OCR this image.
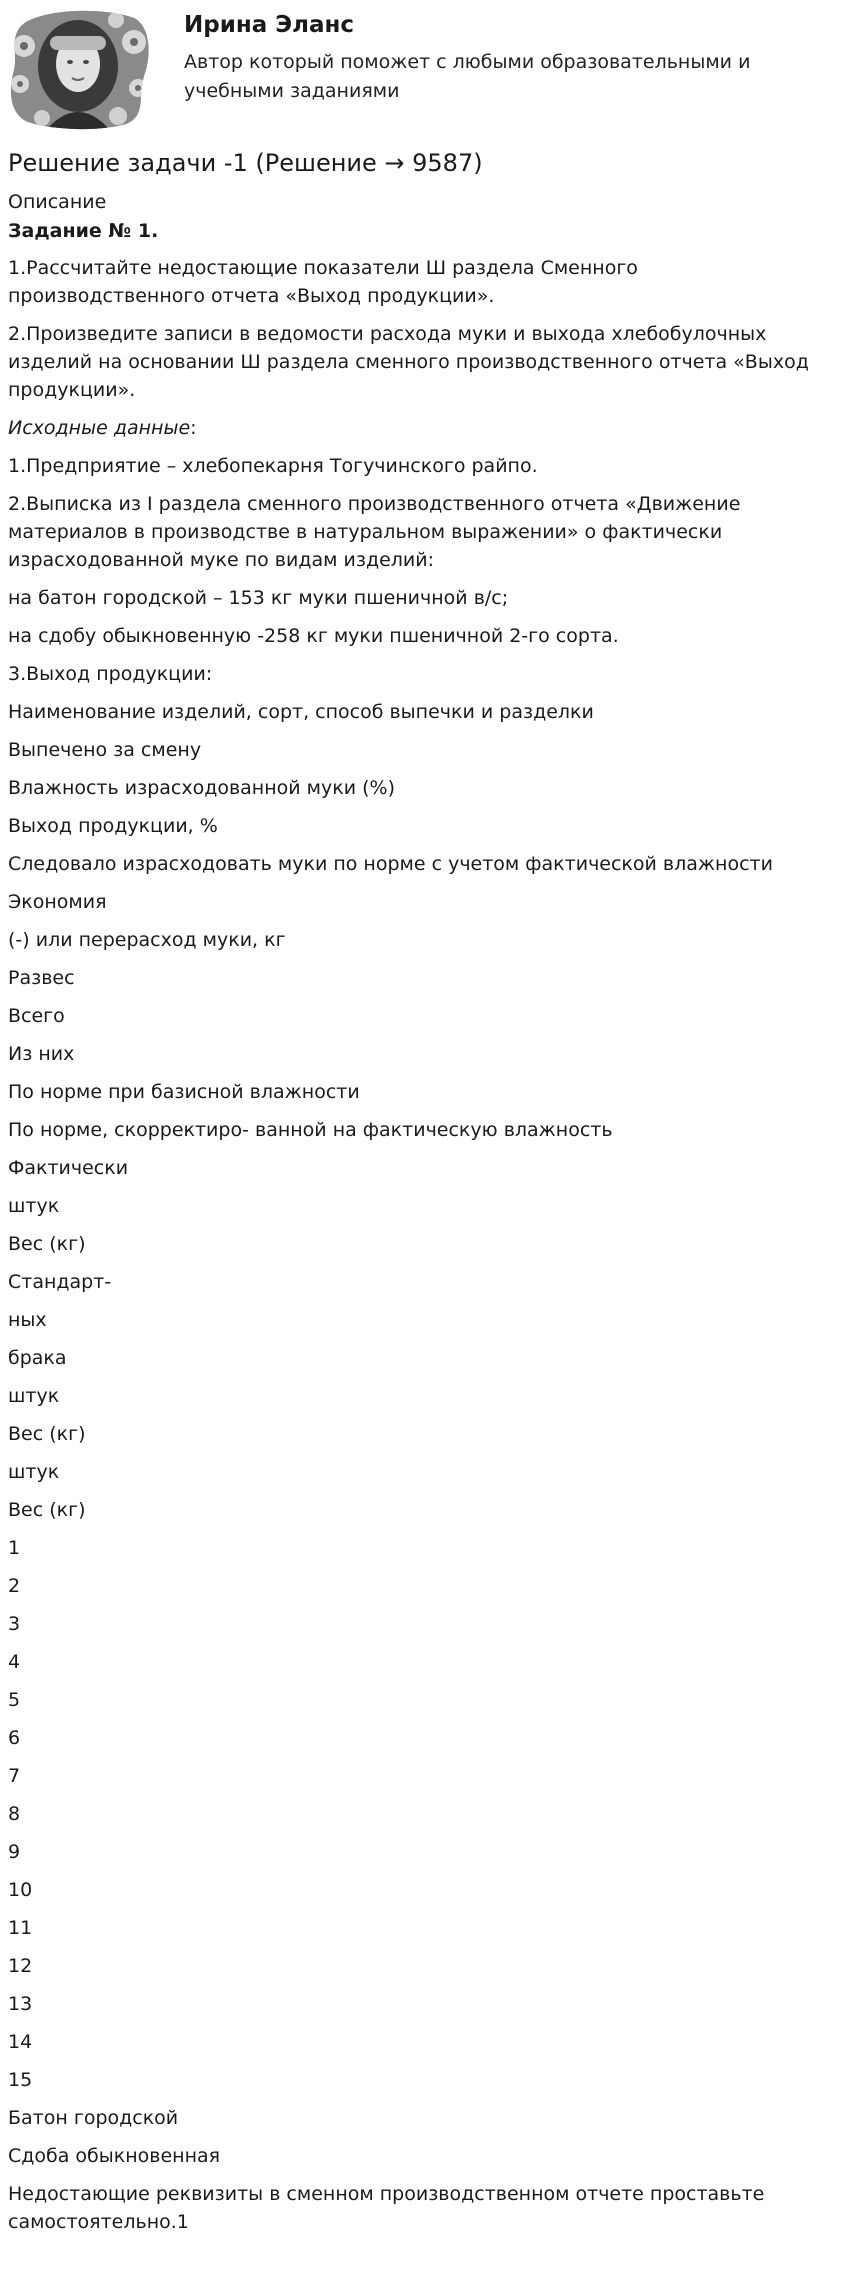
Ирина Эланс
Автор который поможет с любыми образовательными и учебными заданиями
Решение задачи -1 (Решение → 9587)
Описание
Задание № 1.

1.Рассчитайте недостающие показатели Ш раздела Сменного производственного отчета «Выход продукции».

2.Произведите записи в ведомости расхода муки и выхода хлебобулочных изделий на основании Ш раздела сменного производственного отчета «Выход продукции».

Исходные данные:

1.Предприятие – хлебопекарня Тогучинского райпо.

2.Выписка из I раздела сменного производственного отчета «Движение материалов в производстве в натуральном выражении» о фактически израсходованной муке по видам изделий:

на батон городской – 153 кг муки пшеничной в/с;

на сдобу обыкновенную -258 кг муки пшеничной 2-го сорта.

3.Выход продукции:

Наименование изделий, сорт, способ выпечки и разделки

Выпечено за смену

Влажность израсходованной муки (%)

Выход продукции, %

Следовало израсходовать муки по норме с учетом фактической влажности

Экономия

(-) или перерасход муки, кг

Развес

Всего

Из них

По норме при базисной влажности

По норме, скорректиро- ванной на фактическую влажность

Фактически

штук

Вес (кг)

Стандарт-

ных

брака

штук

Вес (кг)

штук

Вес (кг)

1

2

3

4

5

6

7

8

9

10

11

12

13

14

15

Батон городской

Сдоба обыкновенная

Недостающие реквизиты в сменном производственном отчете проставьте самостоятельно.1
